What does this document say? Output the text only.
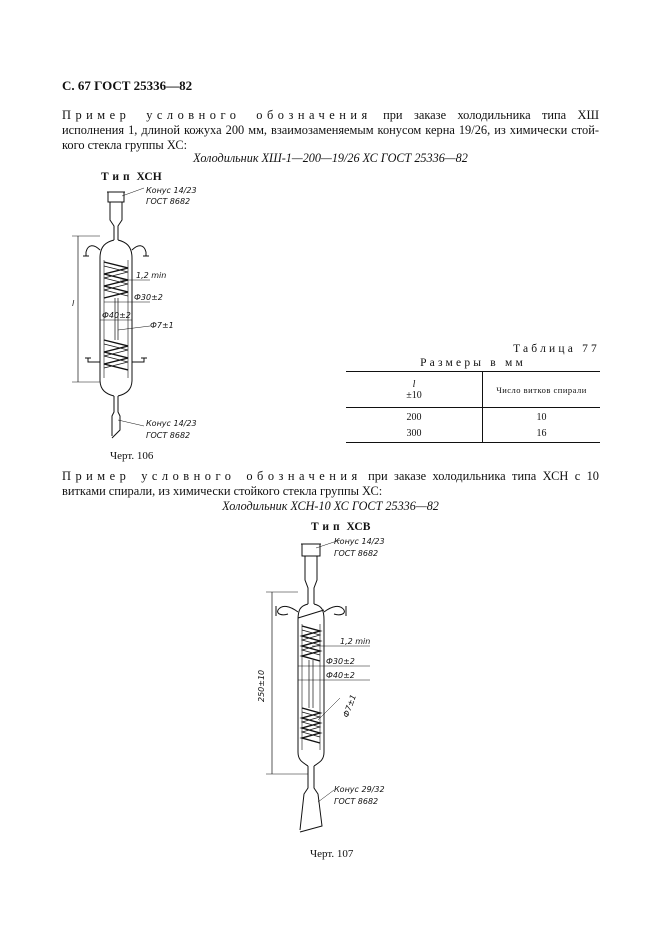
С. 67 ГОСТ 25336—82
Пример условного обозначения при заказе холодильника типа ХШ исполнения 1, длиной кожуха 200 мм, взаимозаменяемым конусом керна 19/26, из химически стой-кого стекла группы ХС:
Холодильник ХШ-1—200—19/26 ХС ГОСТ 25336—82
Тип ХСН
l
1,2 min
Ф30±2
Ф40±2
Ф7±1
Конус 14/23
ГОСТ 8682
Конус 14/23
ГОСТ 8682
Черт. 106
Таблица 77
Размеры в мм
l
±10	Число витков спирали
200	10
300	16
Пример условного обозначения при заказе холодильника типа ХСН с 10 витками спирали, из химически стойкого стекла группы ХС:
Холодильник ХСН-10 ХС ГОСТ 25336—82
Тип ХСВ
250±10
1,2 min
Ф30±2
Ф40±2
Ф7±1
Конус 14/23
ГОСТ 8682
Конус 29/32
ГОСТ 8682
Черт. 107
